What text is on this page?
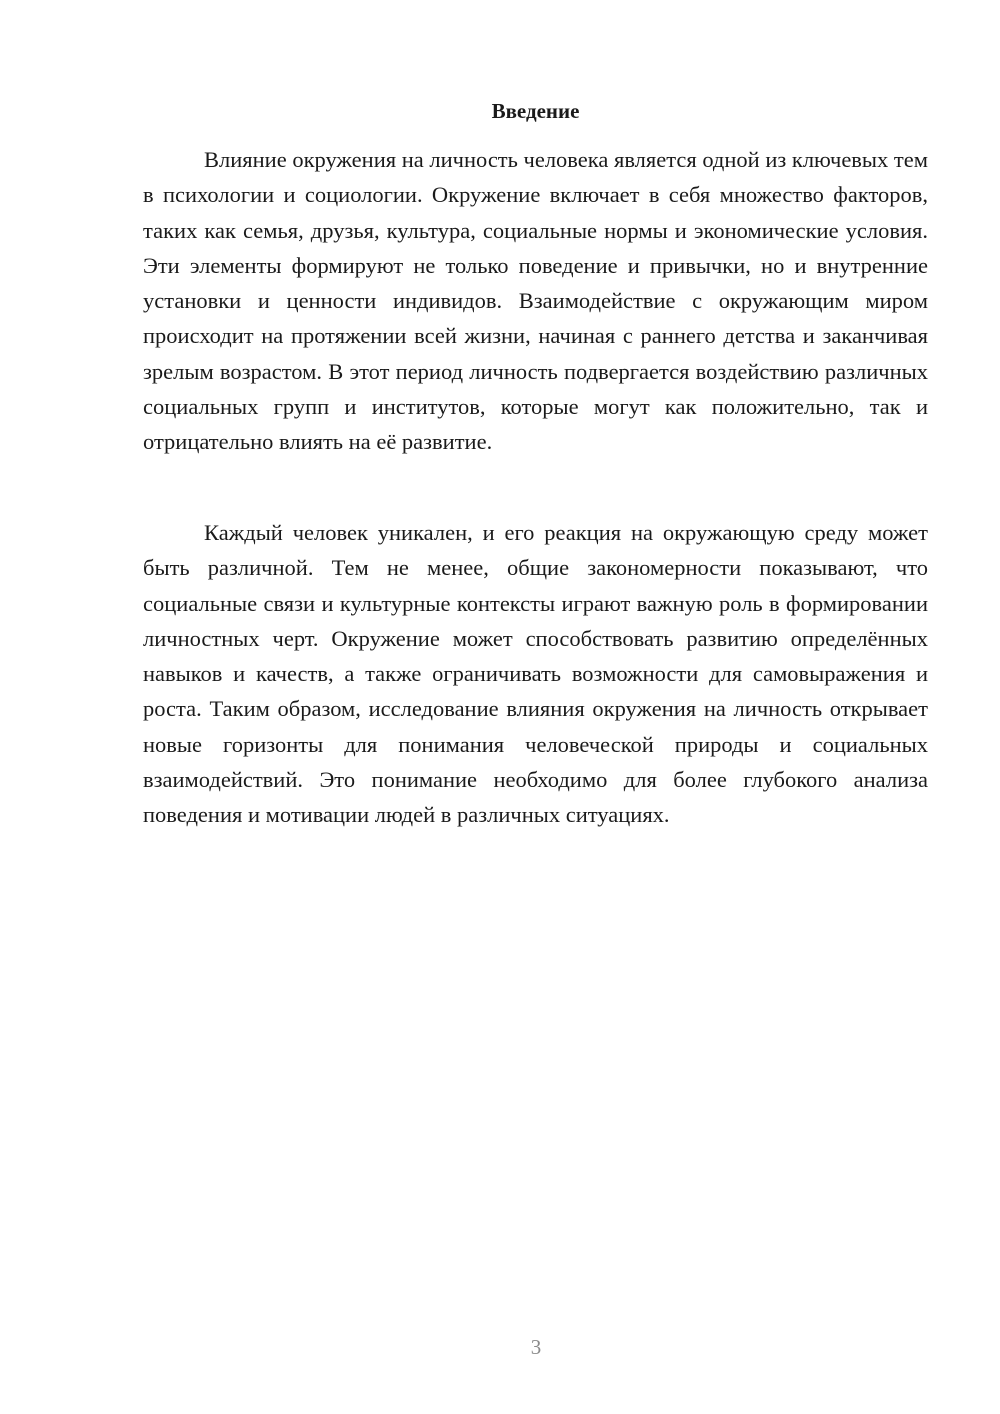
Введение

Влияние окружения на личность человека является одной из ключевых тем в психологии и социологии. Окружение включает в себя множество факторов, таких как семья, друзья, культура, социальные нормы и экономические условия. Эти элементы формируют не только поведение и привычки, но и внутренние установки и ценности индивидов. Взаимодействие с окружающим миром происходит на протяжении всей жизни, начиная с раннего детства и заканчивая зрелым возрастом. В этот период личность подвергается воздействию различных социальных групп и институтов, которые могут как положительно, так и отрицательно влиять на её развитие.

Каждый человек уникален, и его реакция на окружающую среду может быть различной. Тем не менее, общие закономерности показывают, что социальные связи и культурные контексты играют важную роль в формировании личностных черт. Окружение может способствовать развитию определённых навыков и качеств, а также ограничивать возможности для самовыражения и роста. Таким образом, исследование влияния окружения на личность открывает новые горизонты для понимания человеческой природы и социальных взаимодействий. Это понимание необходимо для более глубокого анализа поведения и мотивации людей в различных ситуациях.

3
